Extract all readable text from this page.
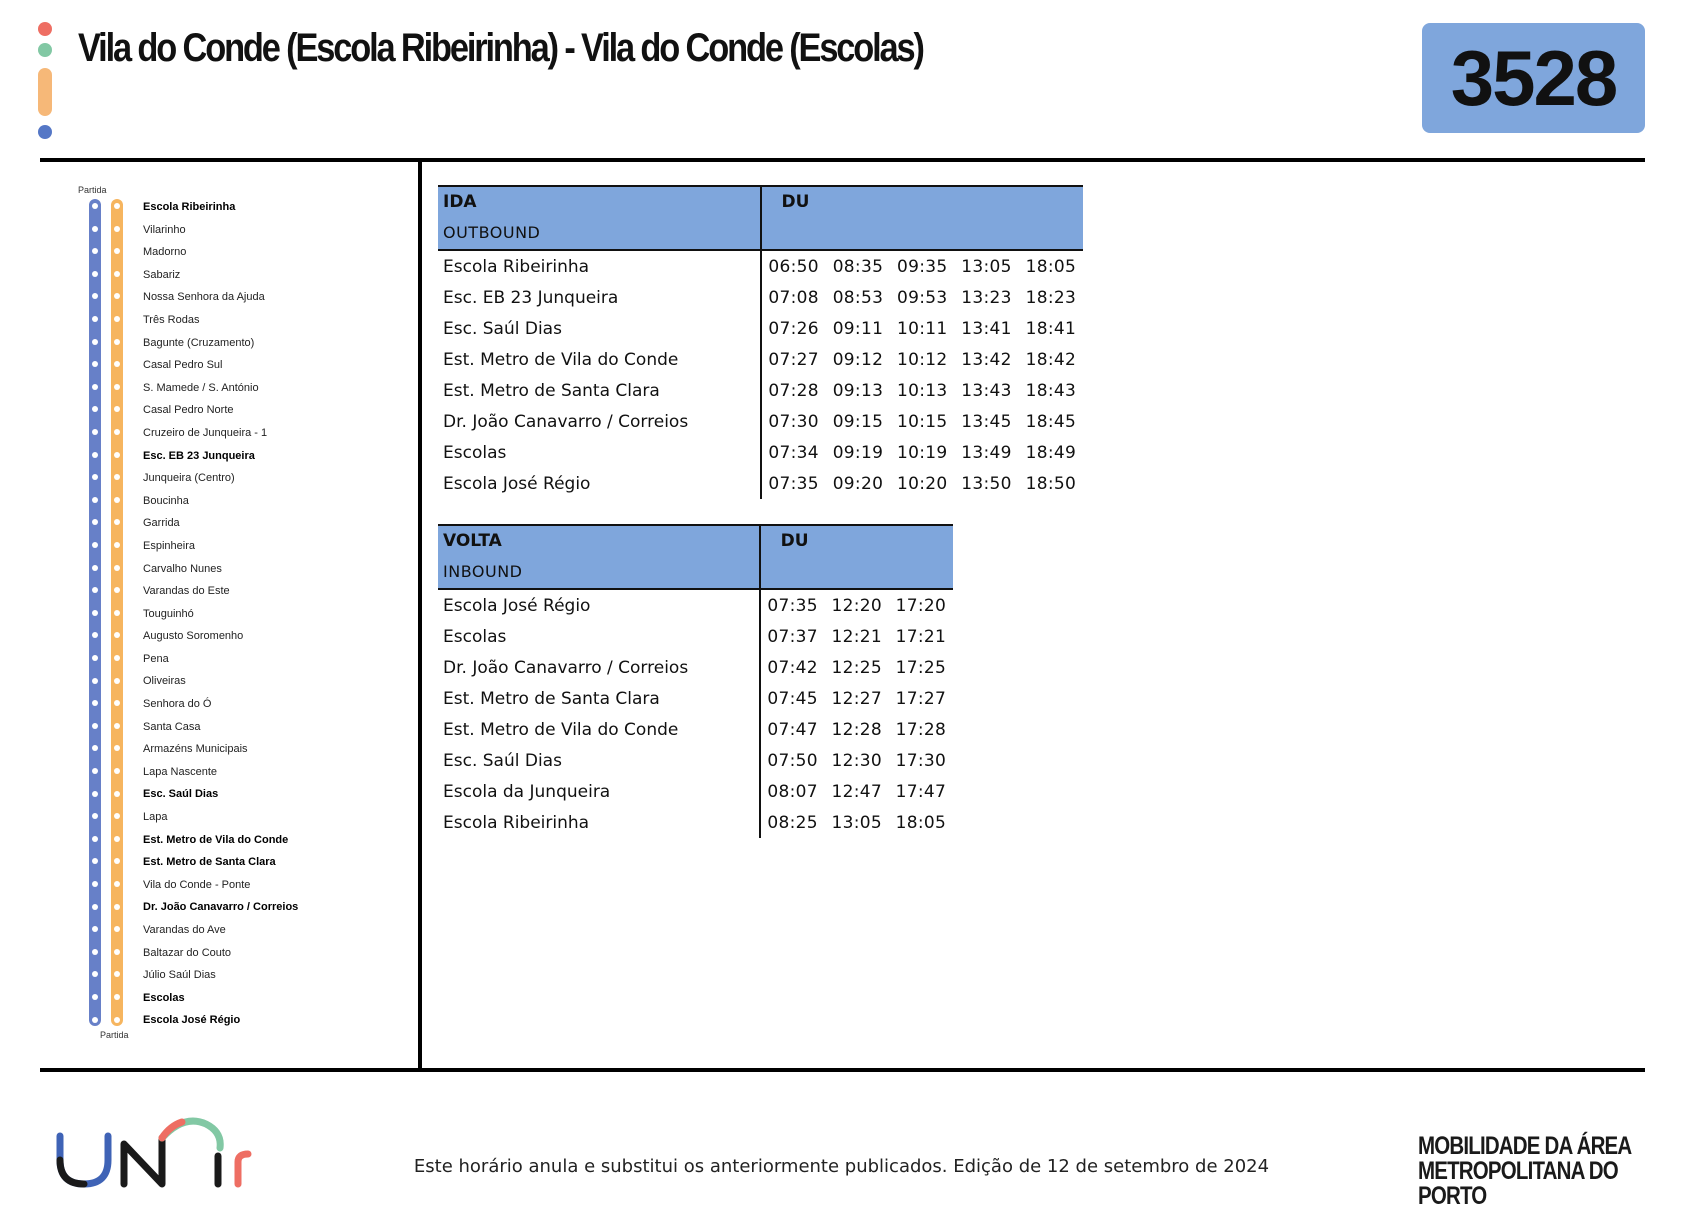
Vila do Conde (Escola Ribeirinha) - Vila do Conde (Escolas)	3528
Partida
Escola Ribeirinha
Vilarinho
Madorno
Sabariz
Nossa Senhora da Ajuda
Três Rodas
Bagunte (Cruzamento)
Casal Pedro Sul
S. Mamede / S. António
Casal Pedro Norte
Cruzeiro de Junqueira - 1
Esc. EB 23 Junqueira
Junqueira (Centro)
Boucinha
Garrida
Espinheira
Carvalho Nunes
Varandas do Este
Touguinhó
Augusto Soromenho
Pena
Oliveiras
Senhora do Ó
Santa Casa
Armazéns Municipais
Lapa Nascente
Esc. Saúl Dias
Lapa
Est. Metro de Vila do Conde
Est. Metro de Santa Clara
Vila do Conde - Ponte
Dr. João Canavarro / Correios
Varandas do Ave
Baltazar do Couto
Júlio Saúl Dias
Escolas
Escola José Régio
Partida
IDA
OUTBOUND	DU				

Escola Ribeirinha	06:50	08:35	09:35	13:05	18:05
Esc. EB 23 Junqueira	07:08	08:53	09:53	13:23	18:23
Esc. Saúl Dias	07:26	09:11	10:11	13:41	18:41
Est. Metro de Vila do Conde	07:27	09:12	10:12	13:42	18:42
Est. Metro de Santa Clara	07:28	09:13	10:13	13:43	18:43
Dr. João Canavarro / Correios	07:30	09:15	10:15	13:45	18:45
Escolas	07:34	09:19	10:19	13:49	18:49
Escola José Régio	07:35	09:20	10:20	13:50	18:50
VOLTA
INBOUND	DU		

Escola José Régio	07:35	12:20	17:20
Escolas	07:37	12:21	17:21
Dr. João Canavarro / Correios	07:42	12:25	17:25
Est. Metro de Santa Clara	07:45	12:27	17:27
Est. Metro de Vila do Conde	07:47	12:28	17:28
Esc. Saúl Dias	07:50	12:30	17:30
Escola da Junqueira	08:07	12:47	17:47
Escola Ribeirinha	08:25	13:05	18:05
Este horário anula e substitui os anteriormente publicados. Edição de 12 de setembro de 2024
MOBILIDADE DA ÁREA
METROPOLITANA DO PORTO
